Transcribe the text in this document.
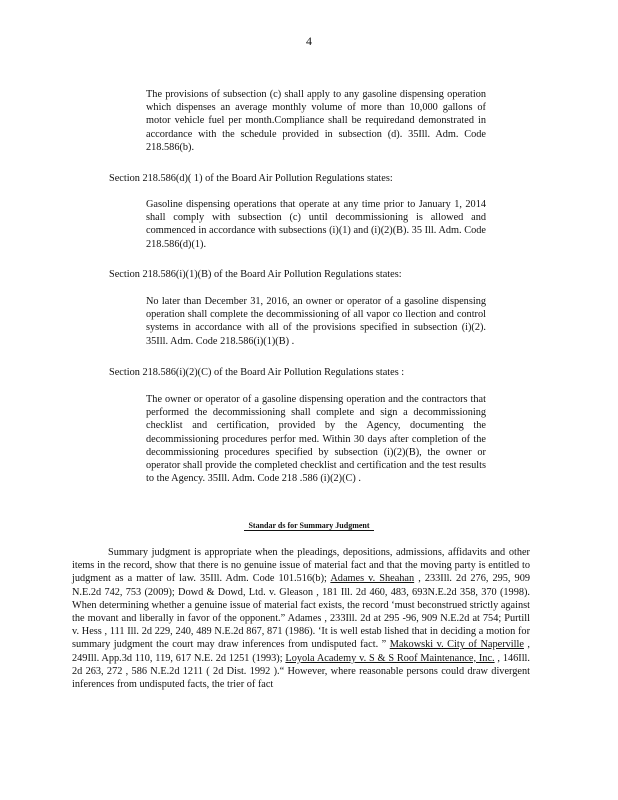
4
The provisions of subsection (c) shall apply to any gasoline dispensing operation which dispenses an average monthly volume of more than 10,000 gallons of motor vehicle fuel per month.Compliance shall be requiredand demonstrated in accordance with the schedule provided in subsection (d). 35Ill. Adm. Code 218.586(b).
Section 218.586(d)( 1) of the Board Air Pollution Regulations states:
Gasoline dispensing operations that operate at any time prior to January 1, 2014 shall comply with subsection (c) until decommissioning is allowed and commenced in accordance with subsections (i)(1) and (i)(2)(B). 35 Ill. Adm. Code 218.586(d)(1).
Section 218.586(i)(1)(B) of the Board Air Pollution Regulations states:
No later than December 31, 2016, an owner or operator of a gasoline dispensing operation shall complete the decommissioning of all vapor co llection and control systems in accordance with all of the provisions specified in subsection (i)(2). 35Ill. Adm. Code 218.586(i)(1)(B) .
Section 218.586(i)(2)(C) of the Board Air Pollution Regulations states :
The owner or operator of a gasoline dispensing operation and the contractors that performed the decommissioning shall complete and sign a decommissioning checklist and certification, provided by the Agency, documenting the decommissioning procedures perfor med. Within 30 days after completion of the decommissioning procedures specified by subsection (i)(2)(B), the owner or operator shall provide the completed checklist and certification and the test results to the Agency. 35Ill. Adm. Code 218 .586 (i)(2)(C) .
Standar ds for Summary Judgment
Summary judgment is appropriate when the pleadings, depositions, admissions, affidavits and other items in the record, show that there is no genuine issue of material fact and that the moving party is entitled to judgment as a matter of law. 35Ill. Adm. Code 101.516(b); Adames v. Sheahan , 233Ill. 2d 276, 295, 909 N.E.2d 742, 753 (2009); Dowd & Dowd, Ltd. v. Gleason , 181 Ill. 2d 460, 483, 693N.E.2d 358, 370 (1998). When determining whether a genuine issue of material fact exists, the record ‘must beconstrued strictly against the movant and liberally in favor of the opponent.” Adames , 233Ill. 2d at 295 -96, 909 N.E.2d at 754; Purtill v. Hess , 111 Ill. 2d 229, 240, 489 N.E.2d 867, 871 (1986). ‘It is well estab lished that in deciding a motion for summary judgment the court may draw inferences from undisputed fact. ” Makowski v. City of Naperville , 249Ill. App.3d 110, 119, 617 N.E. 2d 1251 (1993); Loyola Academy v. S & S Roof Maintenance, Inc. , 146Ill. 2d 263, 272 , 586 N.E.2d 1211 ( 2d Dist. 1992 ).“ However, where reasonable persons could draw divergent inferences from undisputed facts, the trier of fact
